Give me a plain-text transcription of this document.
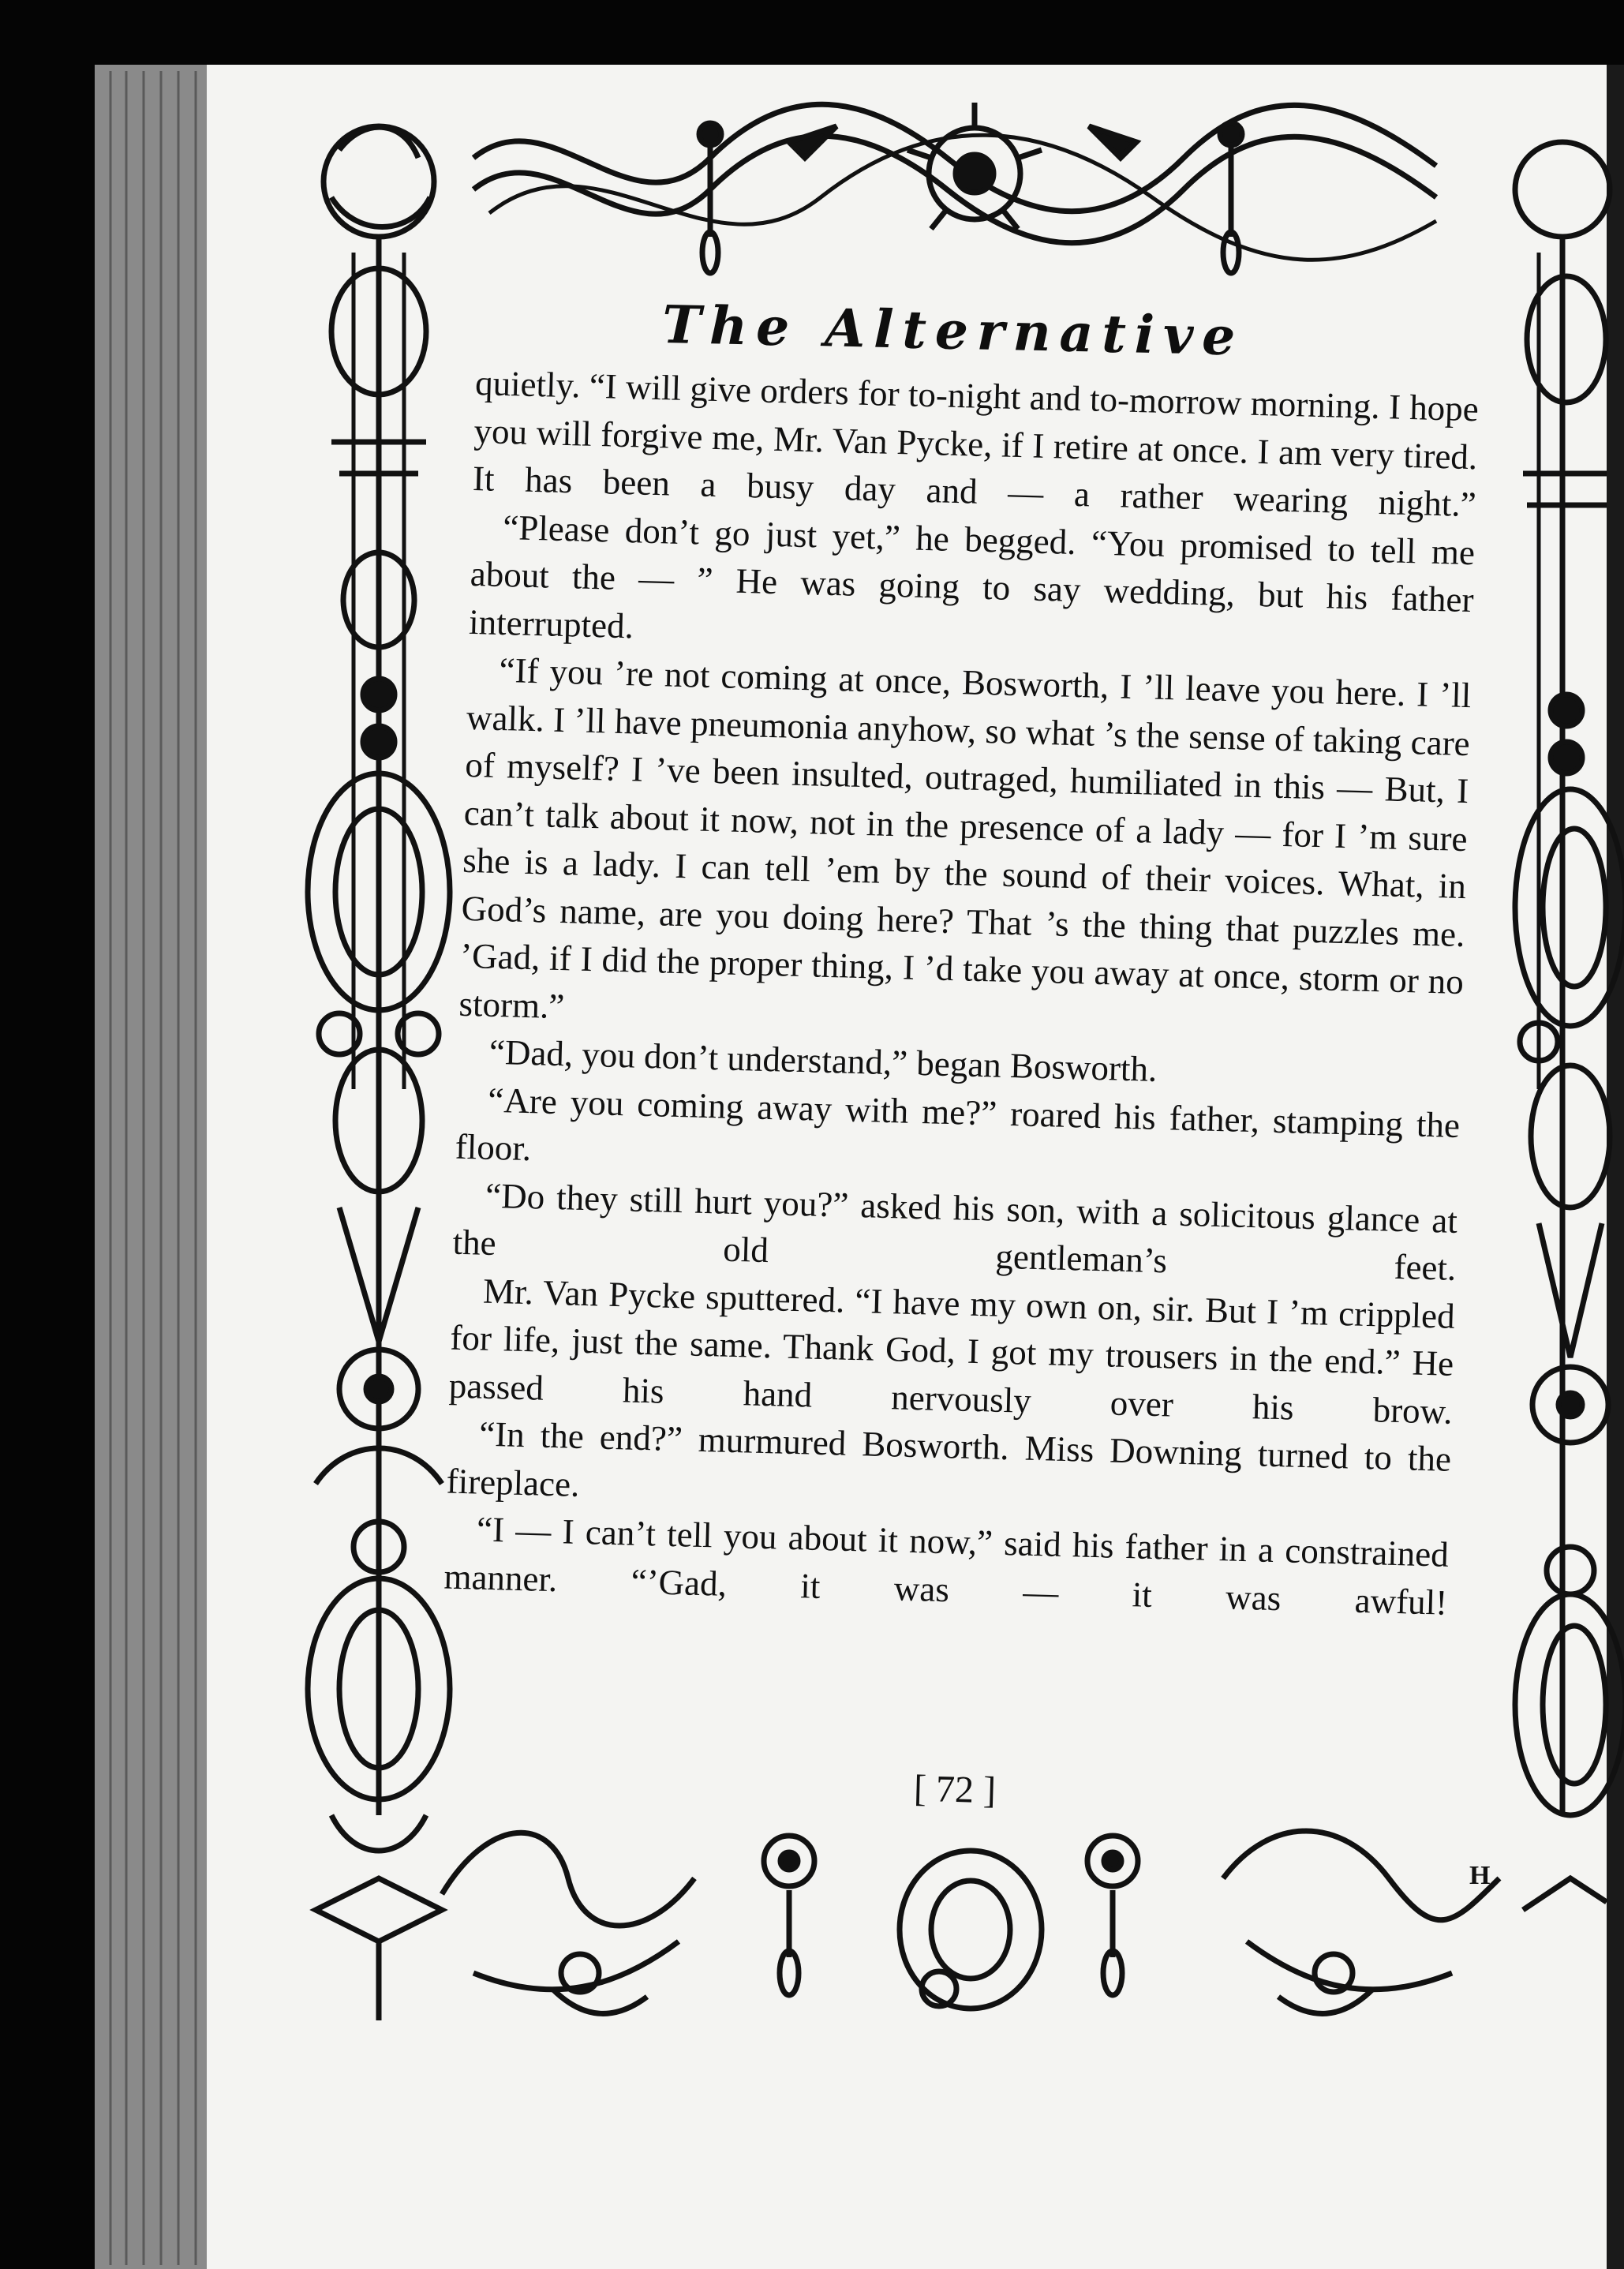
The Alternative

quietly. “I will give orders for to-night and to-morrow morning. I hope you will forgive me, Mr. Van Pycke, if I retire at once. I am very tired. It has been a busy day and — a rather wearing night.”

“Please don’t go just yet,” he begged. “You promised to tell me about the — ” He was going to say wedding, but his father interrupted.

“If you ’re not coming at once, Bosworth, I ’ll leave you here. I ’ll walk. I ’ll have pneumonia anyhow, so what ’s the sense of taking care of myself? I ’ve been insulted, outraged, humiliated in this — But, I can’t talk about it now, not in the presence of a lady — for I ’m sure she is a lady. I can tell ’em by the sound of their voices. What, in God’s name, are you doing here? That ’s the thing that puzzles me. ’Gad, if I did the proper thing, I ’d take you away at once, storm or no storm.”

“Dad, you don’t understand,” began Bosworth.

“Are you coming away with me?” roared his father, stamping the floor.

“Do they still hurt you?” asked his son, with a solicitous glance at the old gentleman’s feet.

Mr. Van Pycke sputtered. “I have my own on, sir. But I ’m crippled for life, just the same. Thank God, I got my trousers in the end.” He passed his hand nervously over his brow.

“In the end?” murmured Bosworth. Miss Downing turned to the fireplace.

“I — I can’t tell you about it now,” said his father in a constrained manner. “’Gad, it was — it was awful!

[ 72 ]
H
